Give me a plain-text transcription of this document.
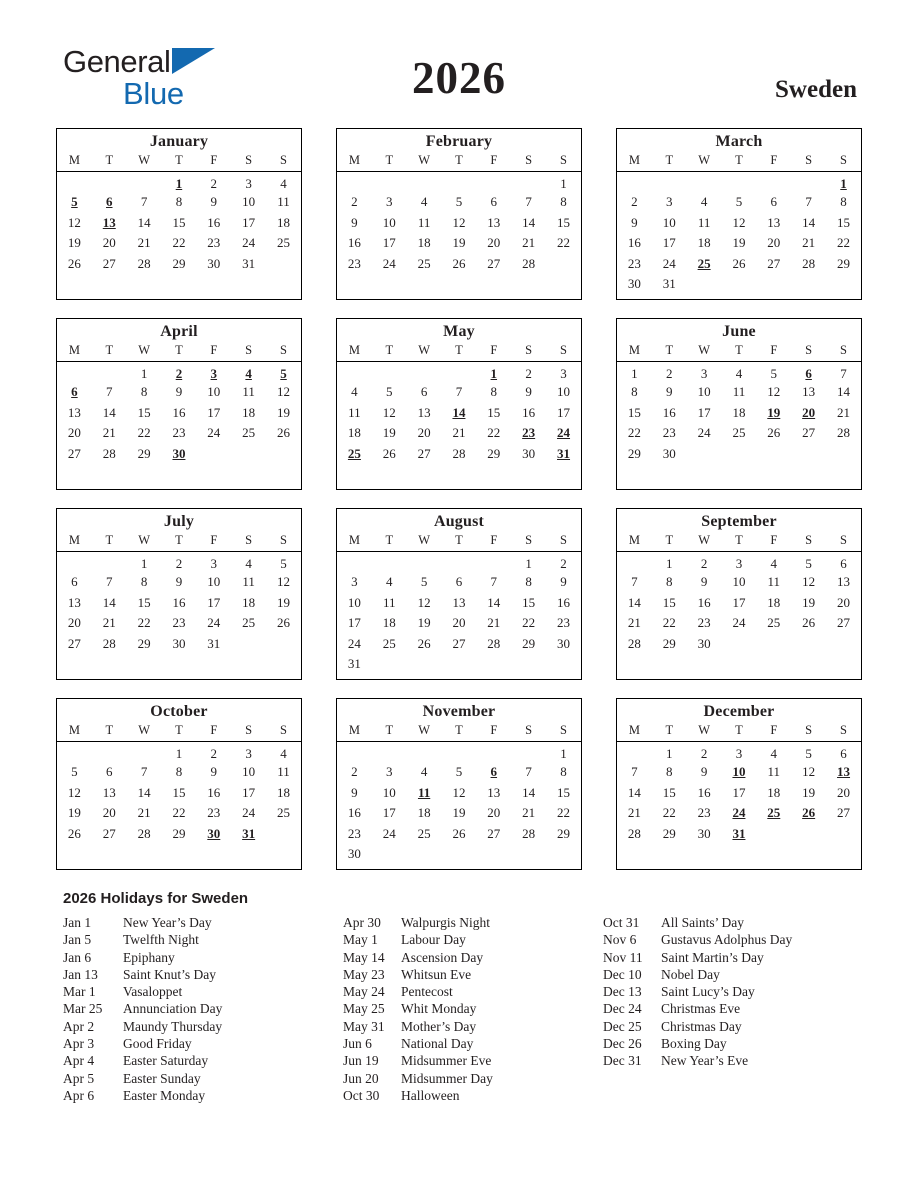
General
Blue	2026	Sweden
January
M	T	W	T	F	S	S
			1	2	3	4
5	6	7	8	9	10	11
12	13	14	15	16	17	18
19	20	21	22	23	24	25
26	27	28	29	30	31	

February
M	T	W	T	F	S	S
						1
2	3	4	5	6	7	8
9	10	11	12	13	14	15
16	17	18	19	20	21	22
23	24	25	26	27	28	

March
M	T	W	T	F	S	S
						1
2	3	4	5	6	7	8
9	10	11	12	13	14	15
16	17	18	19	20	21	22
23	24	25	26	27	28	29
30	31					
April
M	T	W	T	F	S	S
		1	2	3	4	5
6	7	8	9	10	11	12
13	14	15	16	17	18	19
20	21	22	23	24	25	26
27	28	29	30			

May
M	T	W	T	F	S	S
				1	2	3
4	5	6	7	8	9	10
11	12	13	14	15	16	17
18	19	20	21	22	23	24
25	26	27	28	29	30	31

June
M	T	W	T	F	S	S
1	2	3	4	5	6	7
8	9	10	11	12	13	14
15	16	17	18	19	20	21
22	23	24	25	26	27	28
29	30					

July
M	T	W	T	F	S	S
		1	2	3	4	5
6	7	8	9	10	11	12
13	14	15	16	17	18	19
20	21	22	23	24	25	26
27	28	29	30	31		

August
M	T	W	T	F	S	S
					1	2
3	4	5	6	7	8	9
10	11	12	13	14	15	16
17	18	19	20	21	22	23
24	25	26	27	28	29	30
31						
September
M	T	W	T	F	S	S
	1	2	3	4	5	6
7	8	9	10	11	12	13
14	15	16	17	18	19	20
21	22	23	24	25	26	27
28	29	30				

October
M	T	W	T	F	S	S
			1	2	3	4
5	6	7	8	9	10	11
12	13	14	15	16	17	18
19	20	21	22	23	24	25
26	27	28	29	30	31	

November
M	T	W	T	F	S	S
						1
2	3	4	5	6	7	8
9	10	11	12	13	14	15
16	17	18	19	20	21	22
23	24	25	26	27	28	29
30						
December
M	T	W	T	F	S	S
	1	2	3	4	5	6
7	8	9	10	11	12	13
14	15	16	17	18	19	20
21	22	23	24	25	26	27
28	29	30	31			

2026 Holidays for Sweden
Jan 1	New Year’s Day
Jan 5	Twelfth Night
Jan 6	Epiphany
Jan 13	Saint Knut’s Day
Mar 1	Vasaloppet
Mar 25	Annunciation Day
Apr 2	Maundy Thursday
Apr 3	Good Friday
Apr 4	Easter Saturday
Apr 5	Easter Sunday
Apr 6	Easter Monday
Apr 30	Walpurgis Night
May 1	Labour Day
May 14	Ascension Day
May 23	Whitsun Eve
May 24	Pentecost
May 25	Whit Monday
May 31	Mother’s Day
Jun 6	National Day
Jun 19	Midsummer Eve
Jun 20	Midsummer Day
Oct 30	Halloween
Oct 31	All Saints’ Day
Nov 6	Gustavus Adolphus Day
Nov 11	Saint Martin’s Day
Dec 10	Nobel Day
Dec 13	Saint Lucy’s Day
Dec 24	Christmas Eve
Dec 25	Christmas Day
Dec 26	Boxing Day
Dec 31	New Year’s Eve
